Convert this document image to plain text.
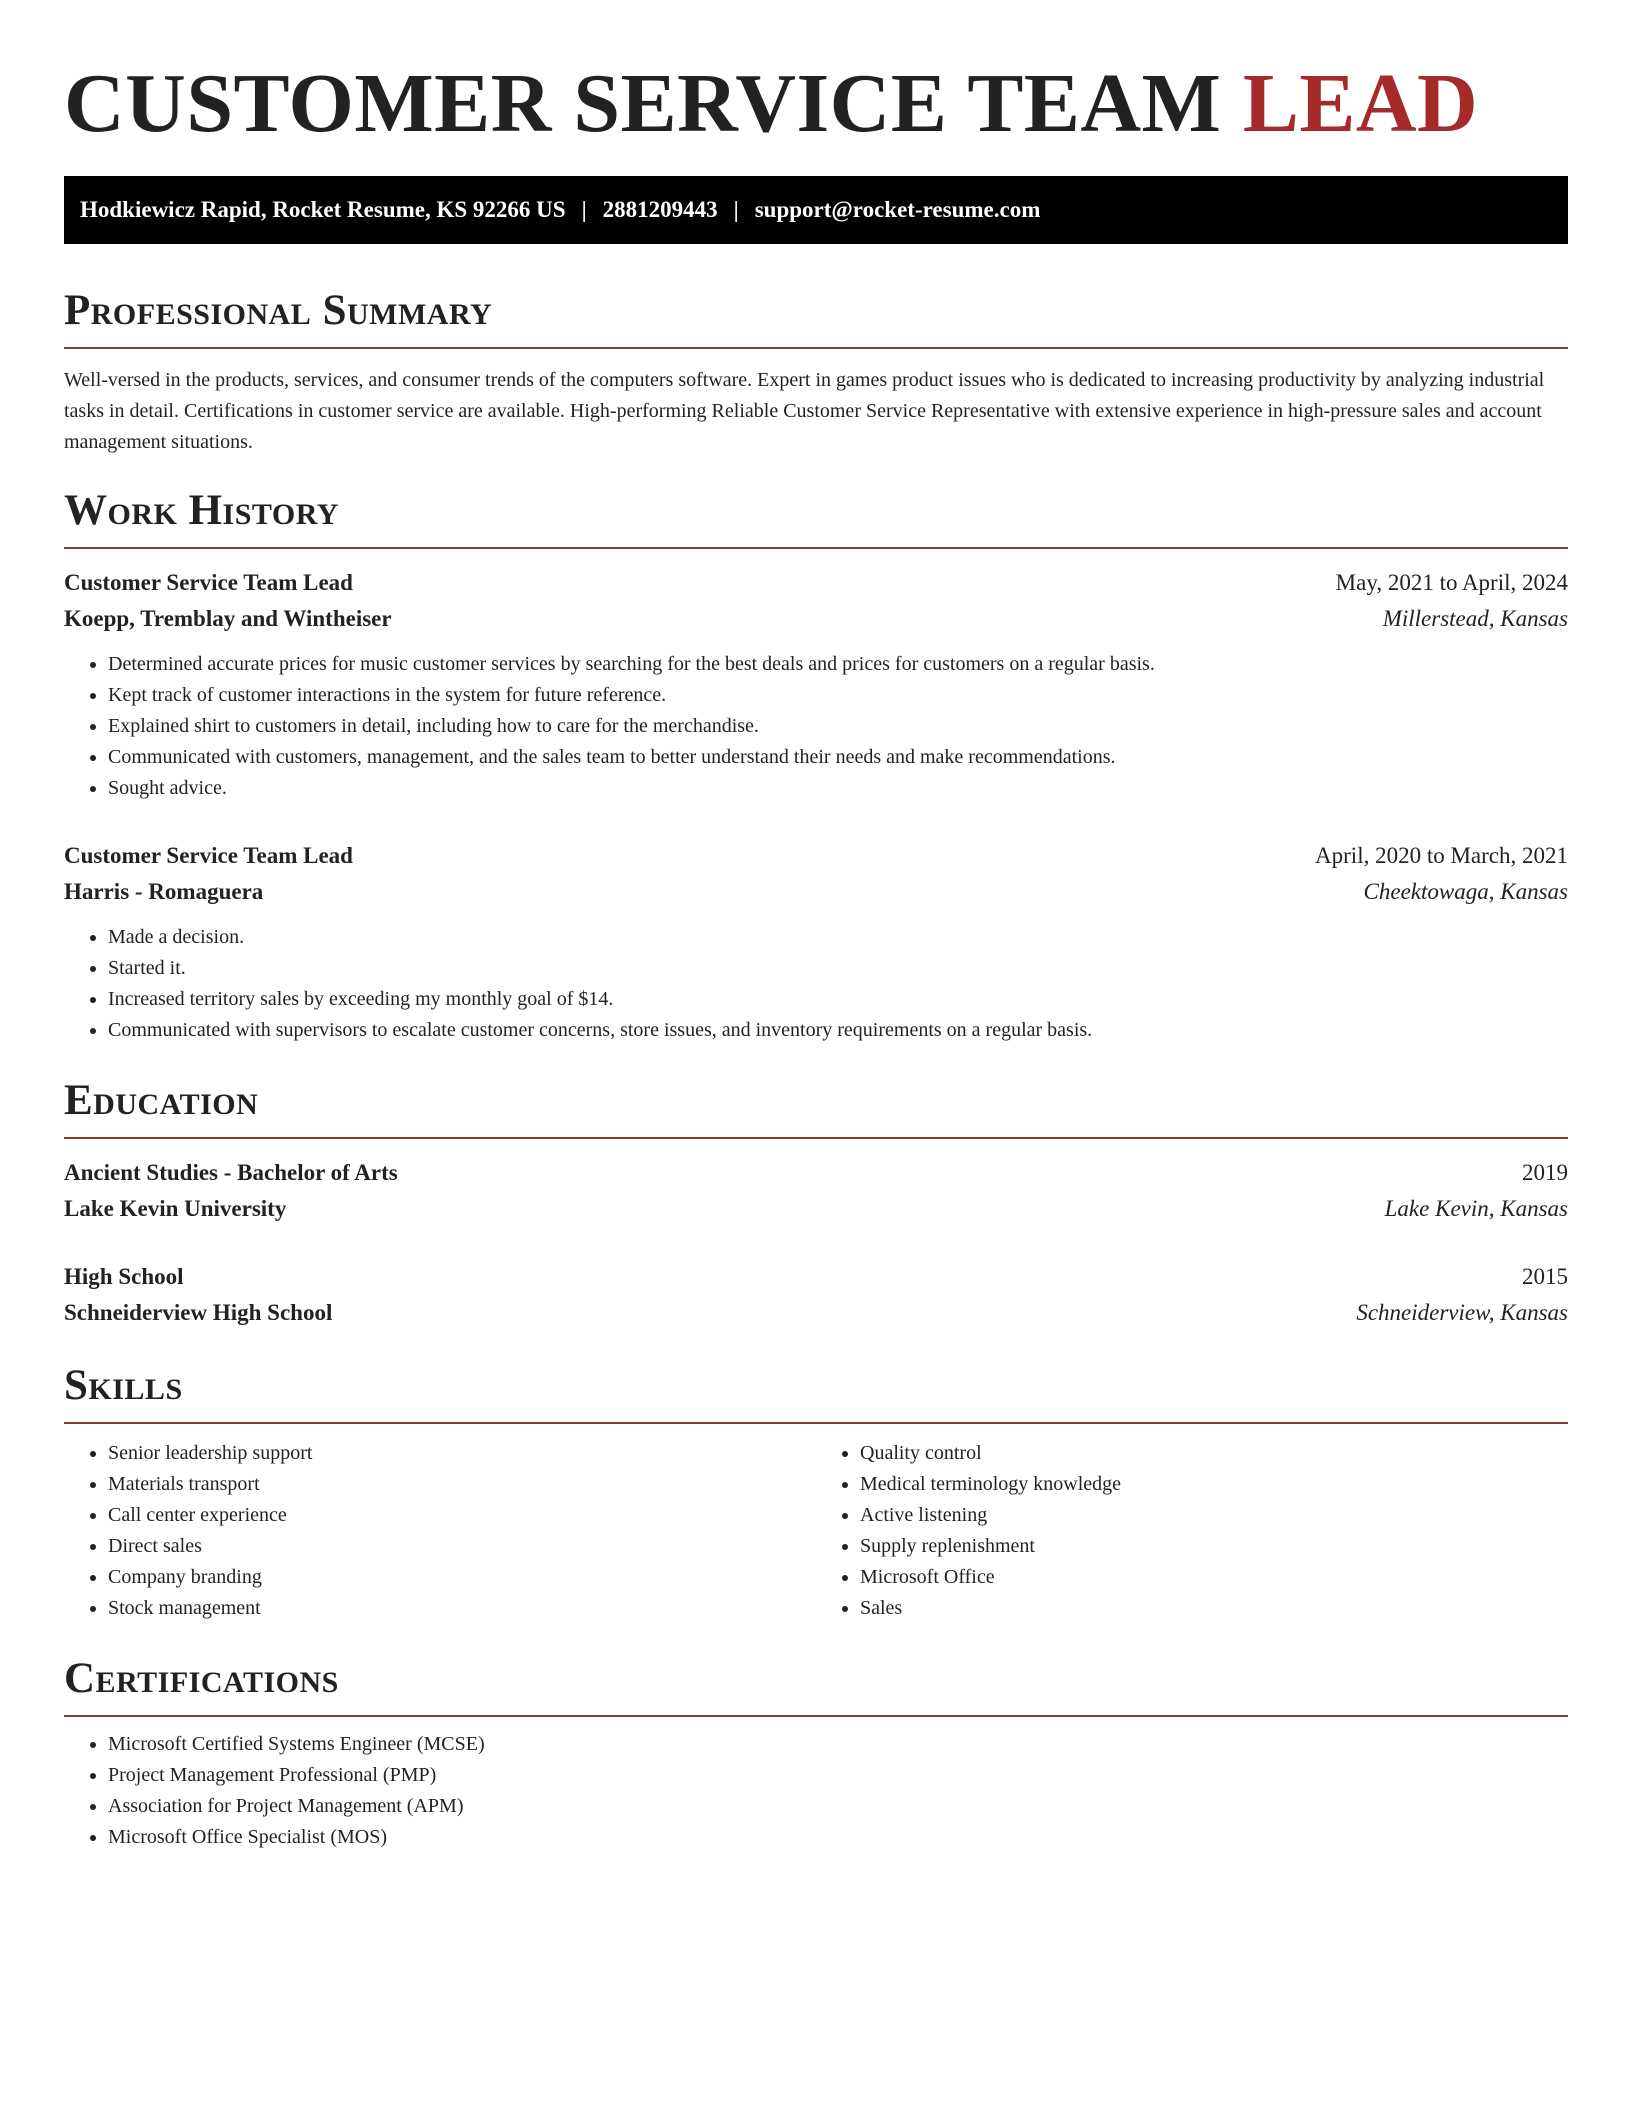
CUSTOMER SERVICE TEAM LEAD
Hodkiewicz Rapid, Rocket Resume, KS 92266 US | 2881209443 | support@rocket-resume.com
Professional Summary

Well-versed in the products, services, and consumer trends of the computers software. Expert in games product issues who is dedicated to increasing productivity by analyzing industrial tasks in detail. Certifications in customer service are available. High-performing Reliable Customer Service Representative with extensive experience in high-pressure sales and account management situations.

Work History
Customer Service Team Lead	May, 2021 to April, 2024
Koepp, Tremblay and Wintheiser	Millerstead, Kansas
• Determined accurate prices for music customer services by searching for the best deals and prices for customers on a regular basis.
• Kept track of customer interactions in the system for future reference.
• Explained shirt to customers in detail, including how to care for the merchandise.
• Communicated with customers, management, and the sales team to better understand their needs and make recommendations.
• Sought advice.
Customer Service Team Lead	April, 2020 to March, 2021
Harris - Romaguera	Cheektowaga, Kansas
• Made a decision.
• Started it.
• Increased territory sales by exceeding my monthly goal of $14.
• Communicated with supervisors to escalate customer concerns, store issues, and inventory requirements on a regular basis.
Education
Ancient Studies - Bachelor of Arts	2019
Lake Kevin University	Lake Kevin, Kansas
High School	2015
Schneiderview High School	Schneiderview, Kansas
Skills
• Senior leadership support
• Materials transport
• Call center experience
• Direct sales
• Company branding
• Stock management
• Quality control
• Medical terminology knowledge
• Active listening
• Supply replenishment
• Microsoft Office
• Sales
Certifications
• Microsoft Certified Systems Engineer (MCSE)
• Project Management Professional (PMP)
• Association for Project Management (APM)
• Microsoft Office Specialist (MOS)
